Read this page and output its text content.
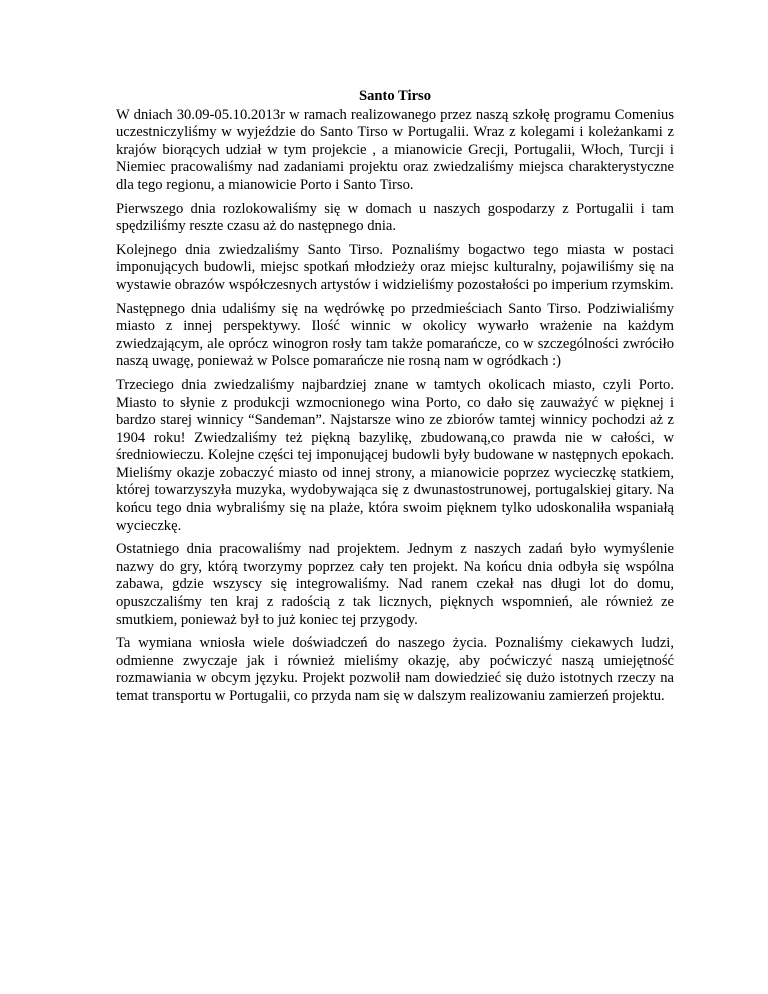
Santo Tirso

W dniach 30.09-05.10.2013r w ramach realizowanego przez naszą szkołę programu Comenius uczestniczyliśmy w wyjeździe do Santo Tirso w Portugalii. Wraz z kolegami i koleżankami z krajów biorących udział w tym projekcie , a mianowicie Grecji, Portugalii, Włoch, Turcji i Niemiec pracowaliśmy nad zadaniami projektu oraz zwiedzaliśmy miejsca charakterystyczne dla tego regionu, a mianowicie Porto i Santo Tirso.

Pierwszego dnia rozlokowaliśmy się w domach u naszych gospodarzy z Portugalii i tam spędziliśmy reszte czasu aż do następnego dnia.

Kolejnego dnia zwiedzaliśmy Santo Tirso. Poznaliśmy bogactwo tego miasta w postaci imponujących budowli, miejsc spotkań młodzieży oraz miejsc kulturalny, pojawiliśmy się na wystawie obrazów współczesnych artystów i widzieliśmy pozostałości po imperium rzymskim.

Następnego dnia udaliśmy się na wędrówkę po przedmieściach Santo Tirso. Podziwialiśmy miasto z innej perspektywy. Ilość winnic w okolicy wywarło wrażenie na każdym zwiedzającym, ale oprócz winogron rosły tam także pomarańcze, co w szczególności zwróciło naszą uwagę, ponieważ w Polsce pomarańcze nie rosną nam w ogródkach :)

Trzeciego dnia zwiedzaliśmy najbardziej znane w tamtych okolicach miasto, czyli Porto. Miasto to słynie z produkcji wzmocnionego wina Porto, co dało się zauważyć w pięknej i bardzo starej winnicy “Sandeman”. Najstarsze wino ze zbiorów tamtej winnicy pochodzi aż z 1904 roku! Zwiedzaliśmy też piękną bazylikę, zbudowaną,co prawda nie w całości, w średniowieczu. Kolejne części tej imponującej budowli były budowane w następnych epokach. Mieliśmy okazje zobaczyć miasto od innej strony, a mianowicie poprzez wycieczkę statkiem, której towarzyszyła muzyka, wydobywająca się z dwunastostrunowej, portugalskiej gitary. Na końcu tego dnia wybraliśmy się na plaże, która swoim pięknem tylko udoskonaliła wspaniałą wycieczkę.

Ostatniego dnia pracowaliśmy nad projektem. Jednym z naszych zadań było wymyślenie nazwy do gry, którą tworzymy poprzez cały ten projekt. Na końcu dnia odbyła się wspólna zabawa, gdzie wszyscy się integrowaliśmy. Nad ranem czekał nas długi lot do domu, opuszczaliśmy ten kraj z radością z tak licznych, pięknych wspomnień, ale również ze smutkiem, ponieważ był to już koniec tej przygody.

Ta wymiana wniosła wiele doświadczeń do naszego życia. Poznaliśmy ciekawych ludzi, odmienne zwyczaje jak i również mieliśmy okazję, aby poćwiczyć naszą umiejętność rozmawiania w obcym języku. Projekt pozwolił nam dowiedzieć się dużo istotnych rzeczy na temat transportu w Portugalii, co przyda nam się w dalszym realizowaniu zamierzeń projektu.
